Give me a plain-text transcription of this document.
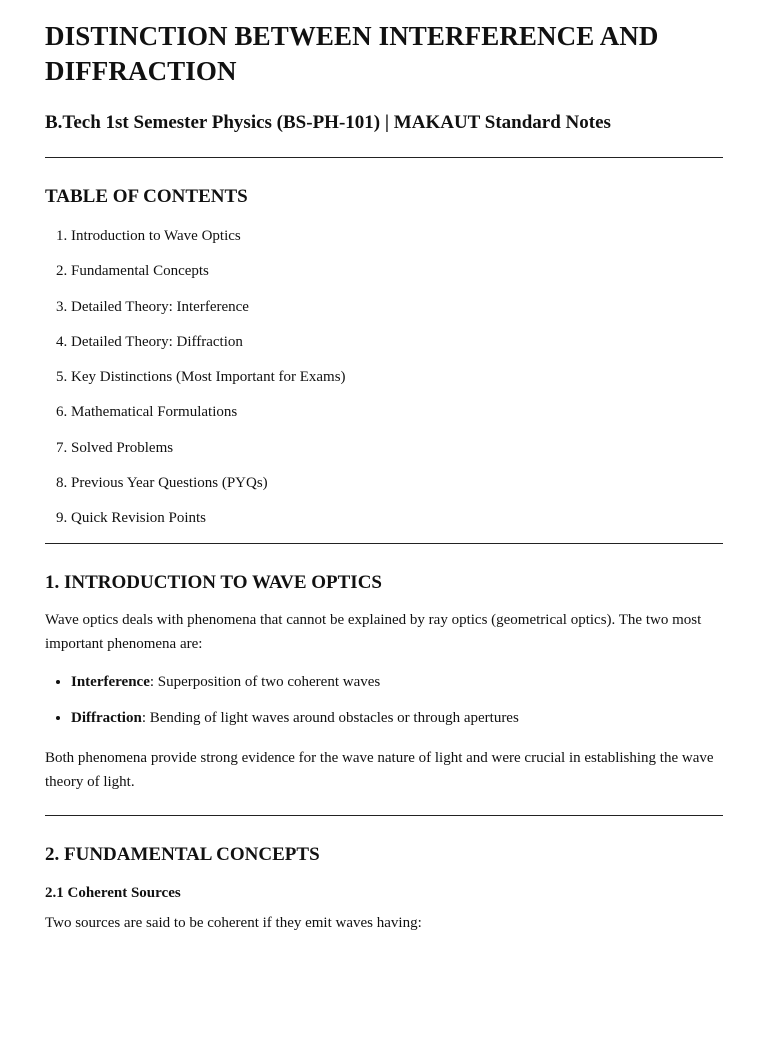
DISTINCTION BETWEEN INTERFERENCE AND DIFFRACTION
B.Tech 1st Semester Physics (BS-PH-101) | MAKAUT Standard Notes
TABLE OF CONTENTS
1. Introduction to Wave Optics
2. Fundamental Concepts
3. Detailed Theory: Interference
4. Detailed Theory: Diffraction
5. Key Distinctions (Most Important for Exams)
6. Mathematical Formulations
7. Solved Problems
8. Previous Year Questions (PYQs)
9. Quick Revision Points
1. INTRODUCTION TO WAVE OPTICS

Wave optics deals with phenomena that cannot be explained by ray optics (geometrical optics). The two most important phenomena are:

• Interference: Superposition of two coherent waves
• Diffraction: Bending of light waves around obstacles or through apertures

Both phenomena provide strong evidence for the wave nature of light and were crucial in establishing the wave theory of light.

2. FUNDAMENTAL CONCEPTS
2.1 Coherent Sources

Two sources are said to be coherent if they emit waves having:
